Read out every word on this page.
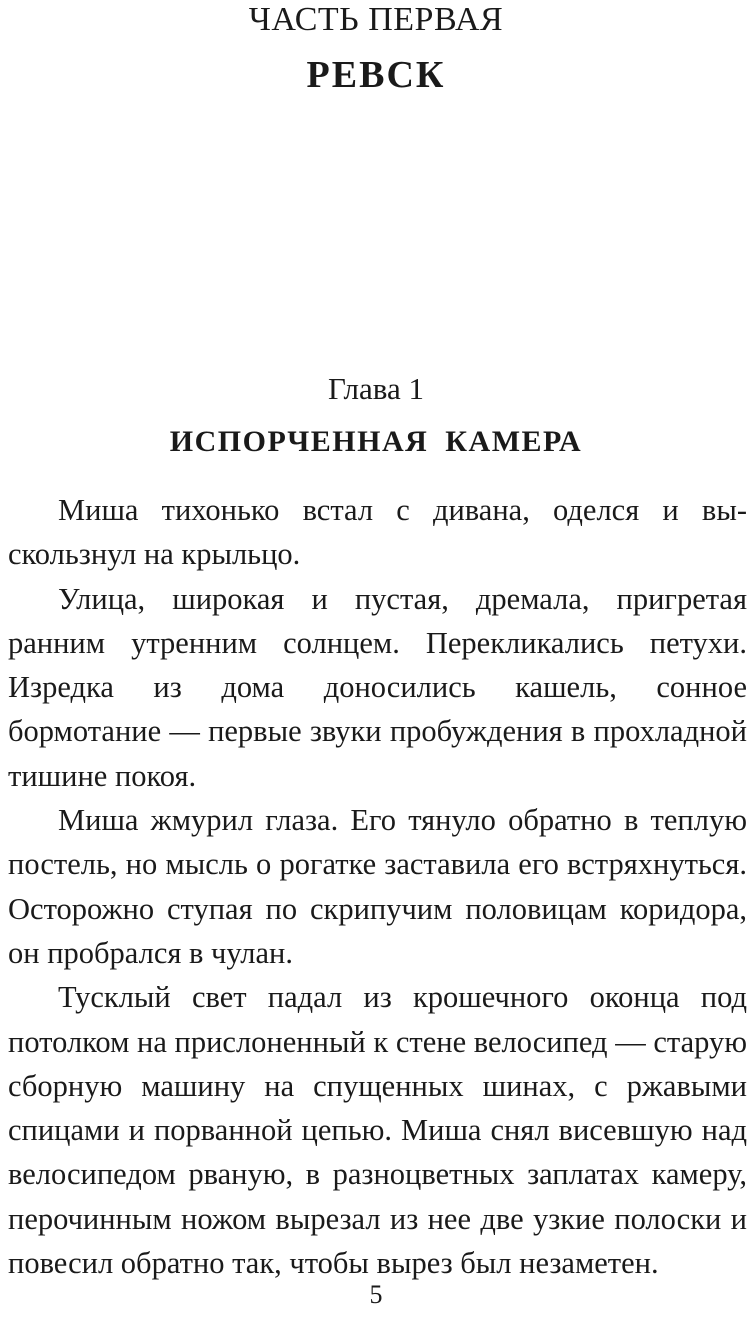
ЧАСТЬ ПЕРВАЯ
РЕВСК
Глава 1
ИСПОРЧЕННАЯ КАМЕРА

Миша тихонько встал с дивана, оделся и выскользнул на крыльцо.

Улица, широкая и пустая, дремала, пригретая ранним утренним солнцем. Перекликались петухи. Изредка из дома доносились кашель, сонное бормотание — первые звуки пробуждения в прохладной тишине покоя.

Миша жмурил глаза. Его тянуло обратно в теплую постель, но мысль о рогатке заставила его встряхнуться. Осторожно ступая по скрипучим половицам коридора, он пробрался в чулан.

Тусклый свет падал из крошечного оконца под потолком на прислоненный к стене велосипед — старую сборную машину на спущенных шинах, с ржавыми спицами и порванной цепью. Миша снял висевшую над велосипедом рваную, в разноцветных заплатах камеру, перочинным ножом вырезал из нее две узкие полоски и повесил обратно так, чтобы вырез был незаметен.

5
